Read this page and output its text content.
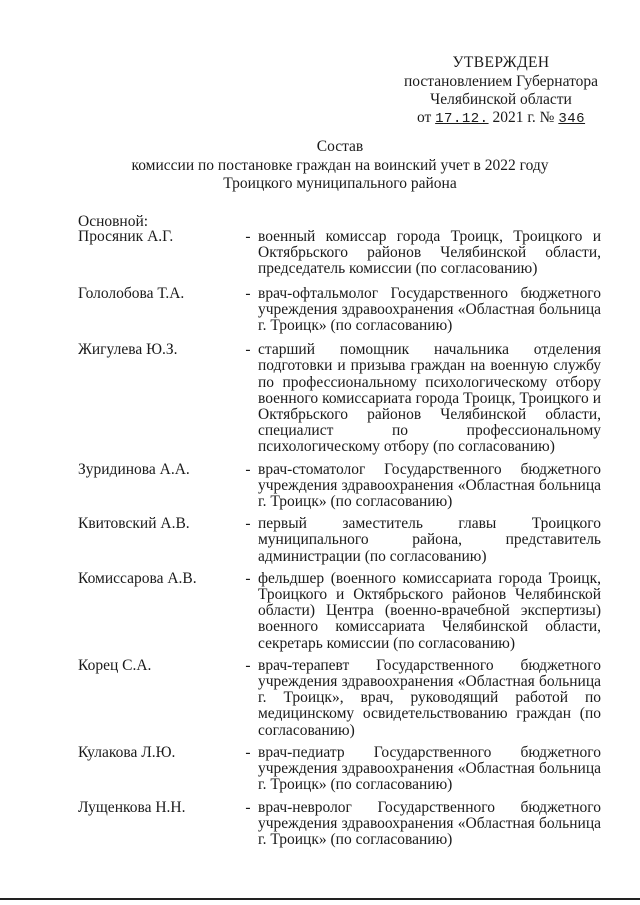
УТВЕРЖДЕН
постановлением Губернатора
Челябинской области
от 17.12. 2021 г. № 346
Состав
комиссии по постановке граждан на воинский учет в 2022 году
Троицкого муниципального района
Основной:
Просяник А.Г.	- военный комиссар города Троицк, Троицкого и Октябрьского районов Челябинской области, председатель комиссии (по согласованию)
Гололобова Т.А.	- врач-офтальмолог Государственного бюджетного учреждения здравоохранения «Областная больница г. Троицк» (по согласованию)
Жигулева Ю.З.	- старший помощник начальника отделения подготовки и призыва граждан на военную службу по профессиональному психологическому отбору военного комиссариата города Троицк, Троицкого и Октябрьского районов Челябинской области, специалист по профессиональному психологическому отбору (по согласованию)
Зуридинова А.А.	- врач-стоматолог Государственного бюджетного учреждения здравоохранения «Областная больница г. Троицк» (по согласованию)
Квитовский А.В.	- первый заместитель главы Троицкого муниципального района, представитель администрации (по согласованию)
Комиссарова А.В.	- фельдшер (военного комиссариата города Троицк, Троицкого и Октябрьского районов Челябинской области) Центра (военно-врачебной экспертизы) военного комиссариата Челябинской области, секретарь комиссии (по согласованию)
Корец С.А.	- врач-терапевт Государственного бюджетного учреждения здравоохранения «Областная больница г. Троицк», врач, руководящий работой по медицинскому освидетельствованию граждан (по согласованию)
Кулакова Л.Ю.	- врач-педиатр Государственного бюджетного учреждения здравоохранения «Областная больница г. Троицк» (по согласованию)
Лущенкова Н.Н.	- врач-невролог Государственного бюджетного учреждения здравоохранения «Областная больница г. Троицк» (по согласованию)
